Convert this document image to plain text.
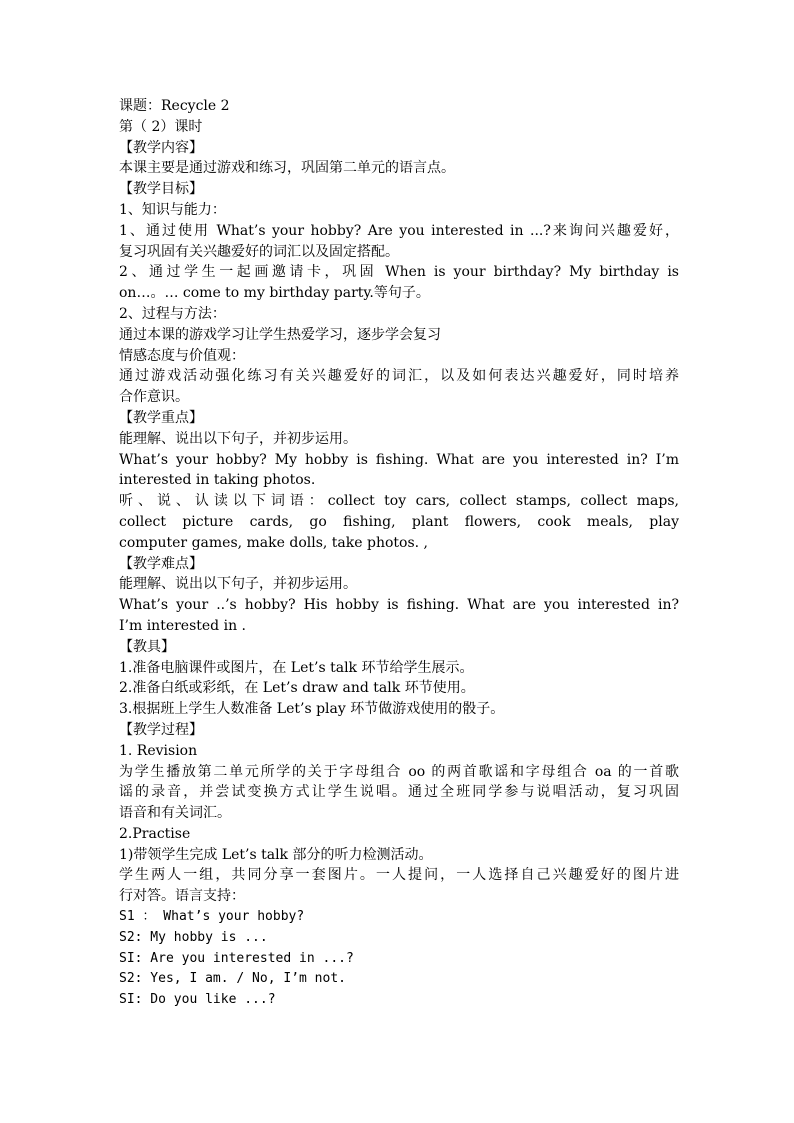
课题：Recycle 2
第（ 2）课时
【教学内容】
本课主要是通过游戏和练习，巩固第二单元的语言点。
【教学目标】
1、知识与能力：
1、通过使用 What’s your hobby? Are you interested in ...?来询问兴趣爱好，
复习巩固有关兴趣爱好的词汇以及固定搭配。
2、通过学生一起画邀请卡，巩固 When is your birthday? My birthday is
on…。… come to my birthday party.等句子。
2、过程与方法：
通过本课的游戏学习让学生热爱学习，逐步学会复习
情感态度与价值观：
通过游戏活动强化练习有关兴趣爱好的词汇，以及如何表达兴趣爱好，同时培养
合作意识。
【教学重点】
能理解、说出以下句子，并初步运用。
What’s your hobby? My hobby is fishing. What are you interested in? I’m
interested in taking photos.
听、说、认读以下词语：collect toy cars, collect stamps, collect maps,
collect picture cards, go fishing, plant flowers, cook meals, play
computer games, make dolls, take photos. ,
【教学难点】
能理解、说出以下句子，并初步运用。
What’s your ..’s hobby? His hobby is fishing. What are you interested in?
I’m interested in .
【教具】
1.准备电脑课件或图片，在 Let’s talk 环节给学生展示。
2.准备白纸或彩纸，在 Let’s draw and talk 环节使用。
3.根据班上学生人数准备 Let’s play 环节做游戏使用的骰子。
【教学过程】
1. Revision
为学生播放第二单元所学的关于字母组合 oo 的两首歌谣和字母组合 oa 的一首歌
谣的录音，并尝试变换方式让学生说唱。通过全班同学参与说唱活动，复习巩固
语音和有关词汇。
2.Practise
1)带领学生完成 Let’s talk 部分的听力检测活动。
学生两人一组，共同分享一套图片。一人提问，一人选择自己兴趣爱好的图片进
行对答。语言支持：
S1 ： What’s your hobby?
S2: My hobby is ...
SI: Are you interested in ...?
S2: Yes, I am. / No, I’m not.
SI: Do you like ...?
